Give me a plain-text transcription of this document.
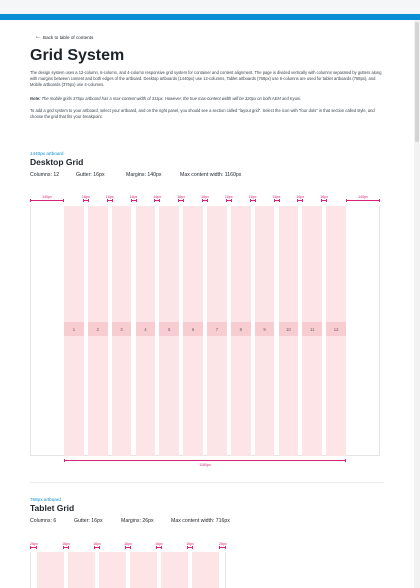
← Back to table of contents
Grid System

The design system uses a 12-column, 6-column, and 4-column responsive grid system for container and content alignment. The page is divided vertically with columns separated by gutters along with margins between content and both edges of the artboard. Desktop artboards (1440px) use 12-columns, Tablet artboards (768px) use 6-columns are used for tablet artboards (768px), and Mobile artboards (375px) use 4-columns.

Note: The mobile grids 375px artboard has a max-content width of 311px. However, the true max-content width will be 320px on both AEM and Kyuni.

To add a grid system to your artboard, select your artboard, and on the right panel, you should see a section called "layout grid". Select the icon with "four dots" in that section called style, and choose the grid that fits your breakpoint.

1440px artboard
Desktop Grid
Columns: 12	Gutter: 16px	Margins: 140px	Max content width: 1160px
140px	140px
1
16px
2
16px
3
16px
4
16px
5
16px
6
16px
7
16px
8
16px
9
16px
10
16px
11
16px
12
1160px
768px artboard
Tablet Grid
Columns: 6	Gutter: 16px	Margins: 26px	Max content width: 716px
26px	26px
16px	16px	16px	16px	16px
